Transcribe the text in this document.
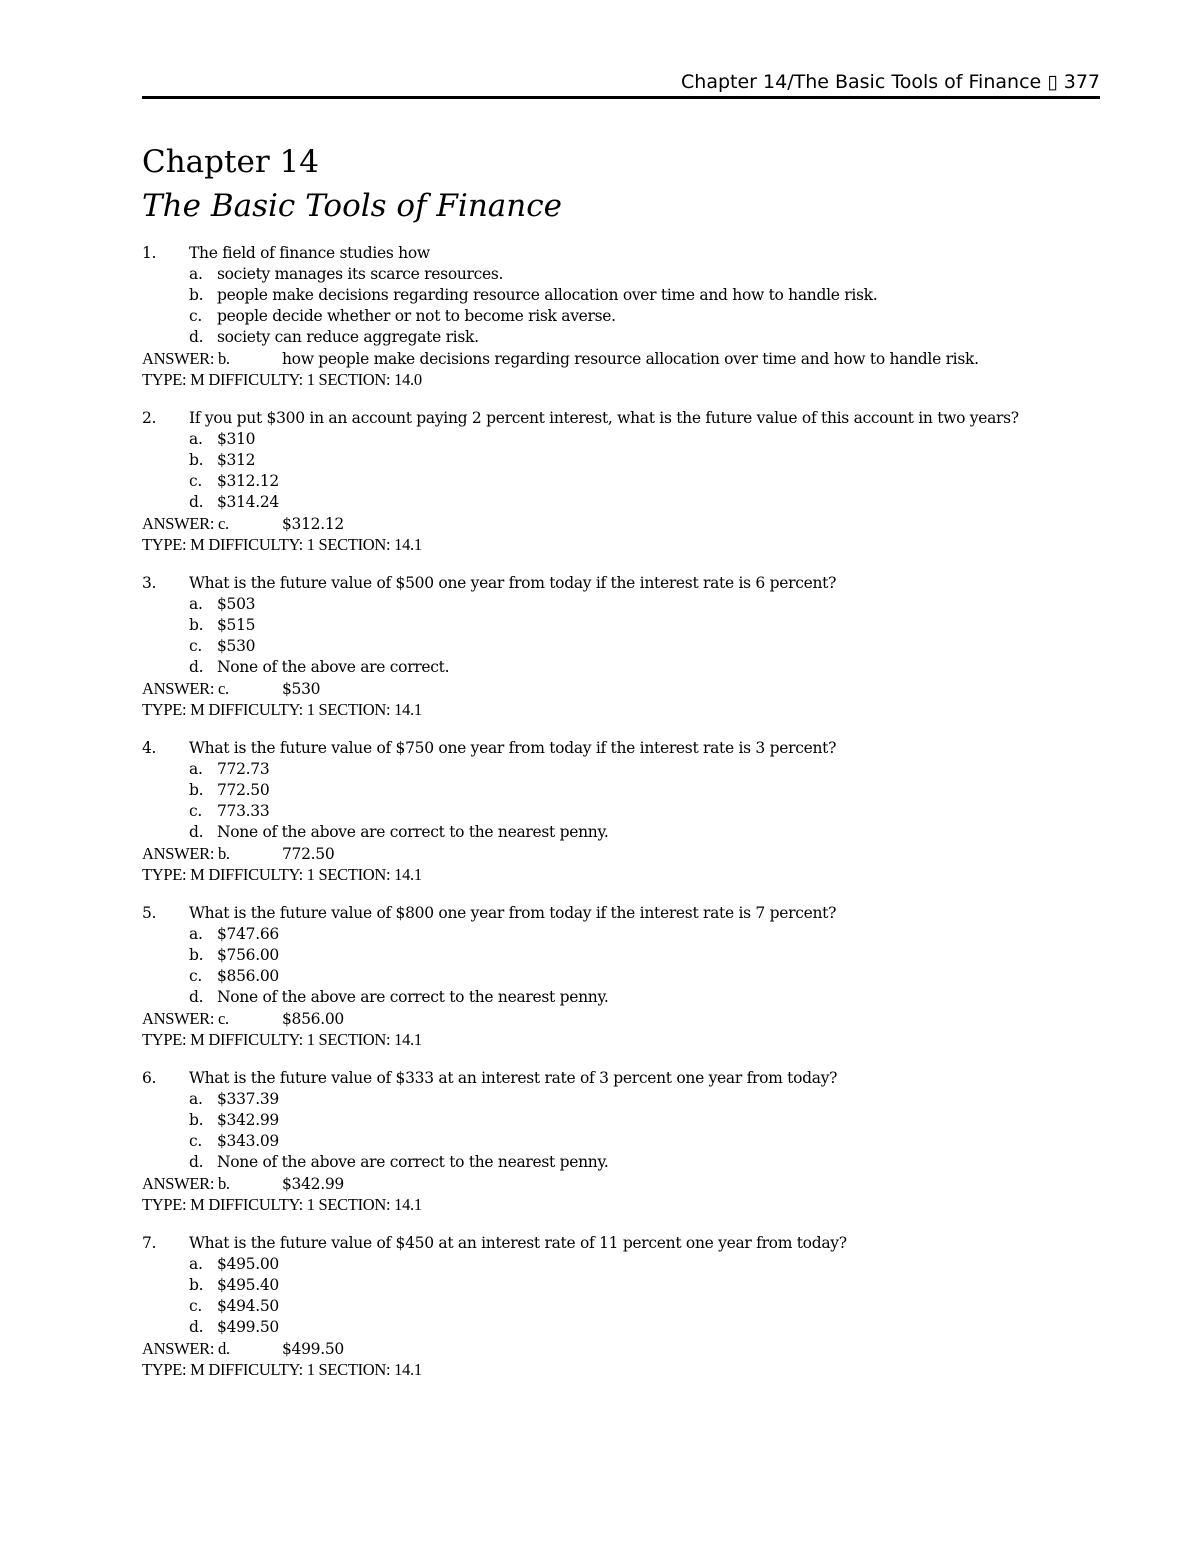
Chapter 14/The Basic Tools of Finance ▯ 377
Chapter 14
The Basic Tools of Finance
1. The field of finance studies how
a. society manages its scarce resources.
b. people make decisions regarding resource allocation over time and how to handle risk.
c. people decide whether or not to become risk averse.
d. society can reduce aggregate risk.
ANSWER: b.	how people make decisions regarding resource allocation over time and how to handle risk.
TYPE: M DIFFICULTY: 1 SECTION: 14.0
2. If you put $300 in an account paying 2 percent interest, what is the future value of this account in two years?
a. $310
b. $312
c. $312.12
d. $314.24
ANSWER: c.	$312.12
TYPE: M DIFFICULTY: 1 SECTION: 14.1
3. What is the future value of $500 one year from today if the interest rate is 6 percent?
a. $503
b. $515
c. $530
d. None of the above are correct.
ANSWER: c.	$530
TYPE: M DIFFICULTY: 1 SECTION: 14.1
4. What is the future value of $750 one year from today if the interest rate is 3 percent?
a. 772.73
b. 772.50
c. 773.33
d. None of the above are correct to the nearest penny.
ANSWER: b.	772.50
TYPE: M DIFFICULTY: 1 SECTION: 14.1
5. What is the future value of $800 one year from today if the interest rate is 7 percent?
a. $747.66
b. $756.00
c. $856.00
d. None of the above are correct to the nearest penny.
ANSWER: c.	$856.00
TYPE: M DIFFICULTY: 1 SECTION: 14.1
6. What is the future value of $333 at an interest rate of 3 percent one year from today?
a. $337.39
b. $342.99
c. $343.09
d. None of the above are correct to the nearest penny.
ANSWER: b.	$342.99
TYPE: M DIFFICULTY: 1 SECTION: 14.1
7. What is the future value of $450 at an interest rate of 11 percent one year from today?
a. $495.00
b. $495.40
c. $494.50
d. $499.50
ANSWER: d.	$499.50
TYPE: M DIFFICULTY: 1 SECTION: 14.1
